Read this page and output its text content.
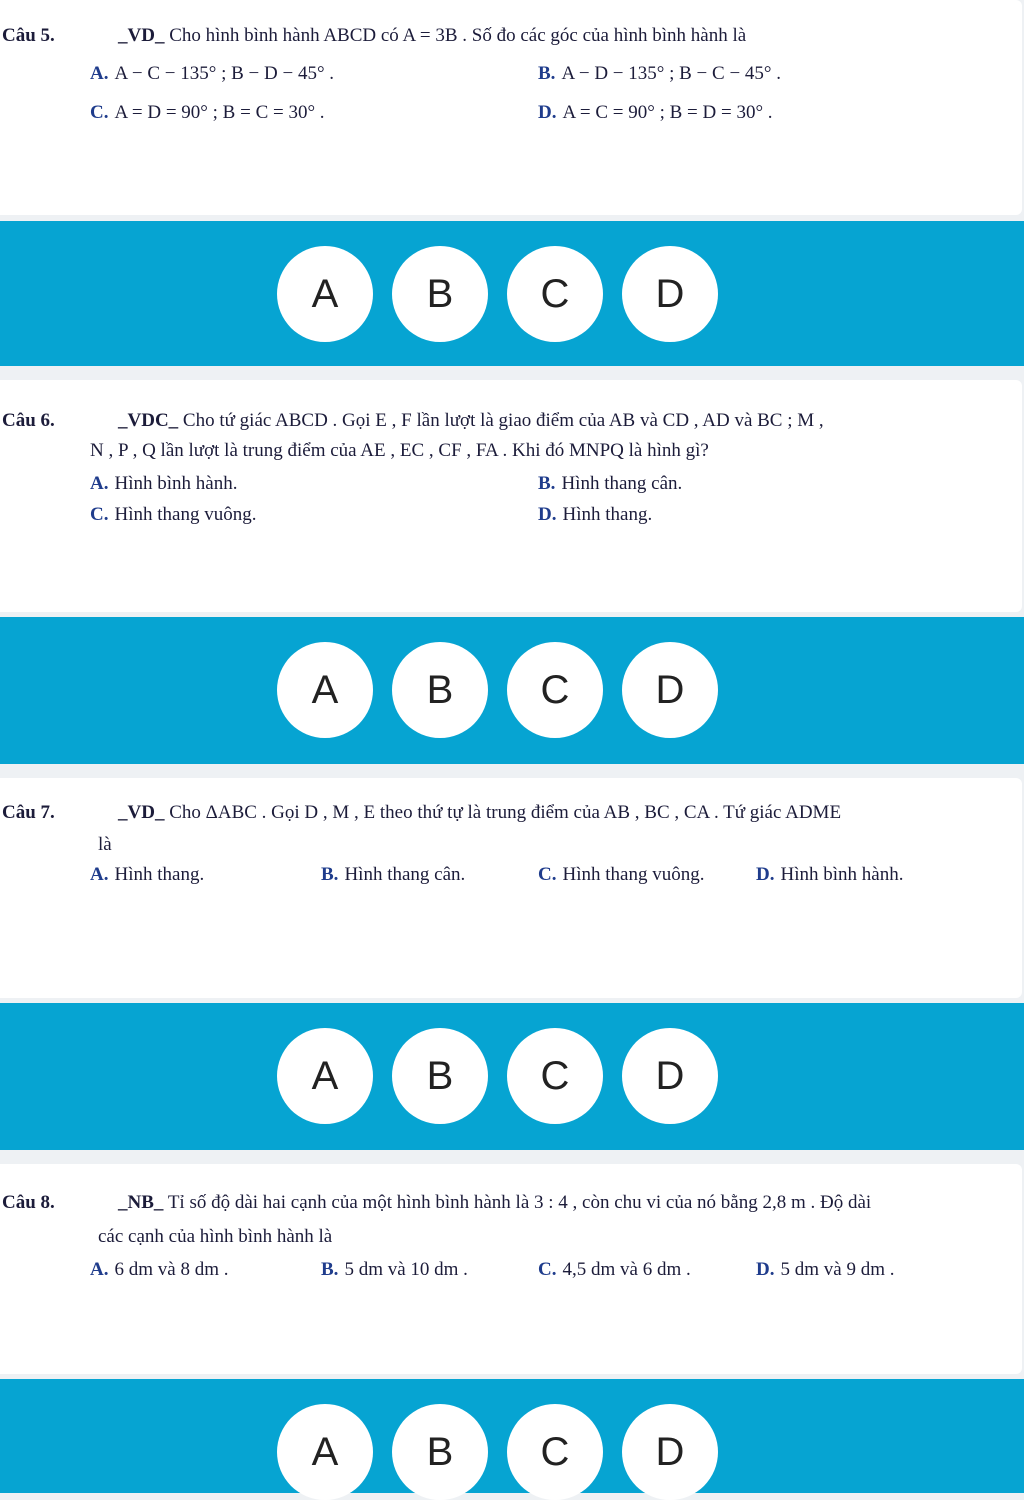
Câu 5.	_VD_ Cho hình bình hành ABCD có A = 3B . Số đo các góc của hình bình hành là
A. A − C − 135° ; B − D − 45° .	B. A − D − 135° ; B − C − 45° .
C. A = D = 90° ; B = C = 30° .	D. A = C = 90° ; B = D = 30° .
A	B	C	D
Câu 6.	_VDC_ Cho tứ giác ABCD . Gọi E , F lần lượt là giao điểm của AB và CD , AD và BC ; M ,
N , P , Q lần lượt là trung điểm của AE , EC , CF , FA . Khi đó MNPQ là hình gì?
A. Hình bình hành.	B. Hình thang cân.
C. Hình thang vuông.	D. Hình thang.
A	B	C	D
Câu 7.	_VD_ Cho ΔABC . Gọi D , M , E theo thứ tự là trung điểm của AB , BC , CA . Tứ giác ADME
là
A. Hình thang.	B. Hình thang cân.	C. Hình thang vuông.	D. Hình bình hành.
A	B	C	D
Câu 8.	_NB_ Tỉ số độ dài hai cạnh của một hình bình hành là 3 : 4 , còn chu vi của nó bằng 2,8 m . Độ dài
các cạnh của hình bình hành là
A. 6 dm và 8 dm .	B. 5 dm và 10 dm .	C. 4,5 dm và 6 dm .	D. 5 dm và 9 dm .
A	B	C	D
